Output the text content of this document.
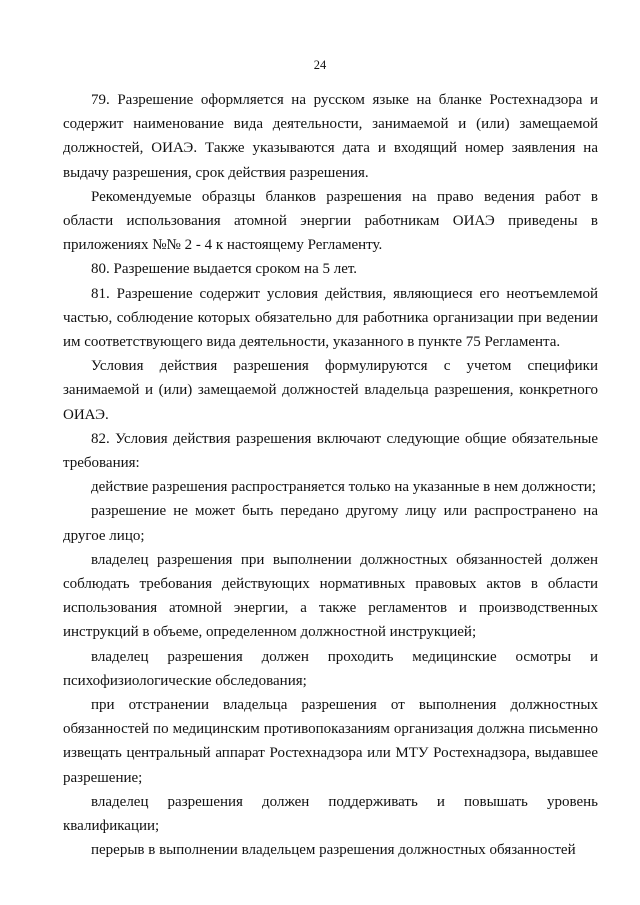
24

79. Разрешение оформляется на русском языке на бланке Ростехнадзора и содержит наименование вида деятельности, занимаемой и (или) замещаемой должностей, ОИАЭ. Также указываются дата и входящий номер заявления на выдачу разрешения, срок действия разрешения.

Рекомендуемые образцы бланков разрешения на право ведения работ в области использования атомной энергии работникам ОИАЭ приведены в приложениях №№ 2 - 4 к настоящему Регламенту.

80. Разрешение выдается сроком на 5 лет.

81. Разрешение содержит условия действия, являющиеся его неотъемлемой частью, соблюдение которых обязательно для работника организации при ведении им соответствующего вида деятельности, указанного в пункте 75 Регламента.

Условия действия разрешения формулируются с учетом специфики занимаемой и (или) замещаемой должностей владельца разрешения, конкретного ОИАЭ.

82. Условия действия разрешения включают следующие общие обязательные требования:

действие разрешения распространяется только на указанные в нем должности;

разрешение не может быть передано другому лицу или распространено на другое лицо;

владелец разрешения при выполнении должностных обязанностей должен соблюдать требования действующих нормативных правовых актов в области использования атомной энергии, а также регламентов и производственных инструкций в объеме, определенном должностной инструкцией;

владелец разрешения должен проходить медицинские осмотры и психофизиологические обследования;

при отстранении владельца разрешения от выполнения должностных обязанностей по медицинским противопоказаниям организация должна письменно извещать центральный аппарат Ростехнадзора или МТУ Ростехнадзора, выдавшее разрешение;

владелец разрешения должен поддерживать и повышать уровень квалификации;

перерыв в выполнении владельцем разрешения должностных обязанностей
